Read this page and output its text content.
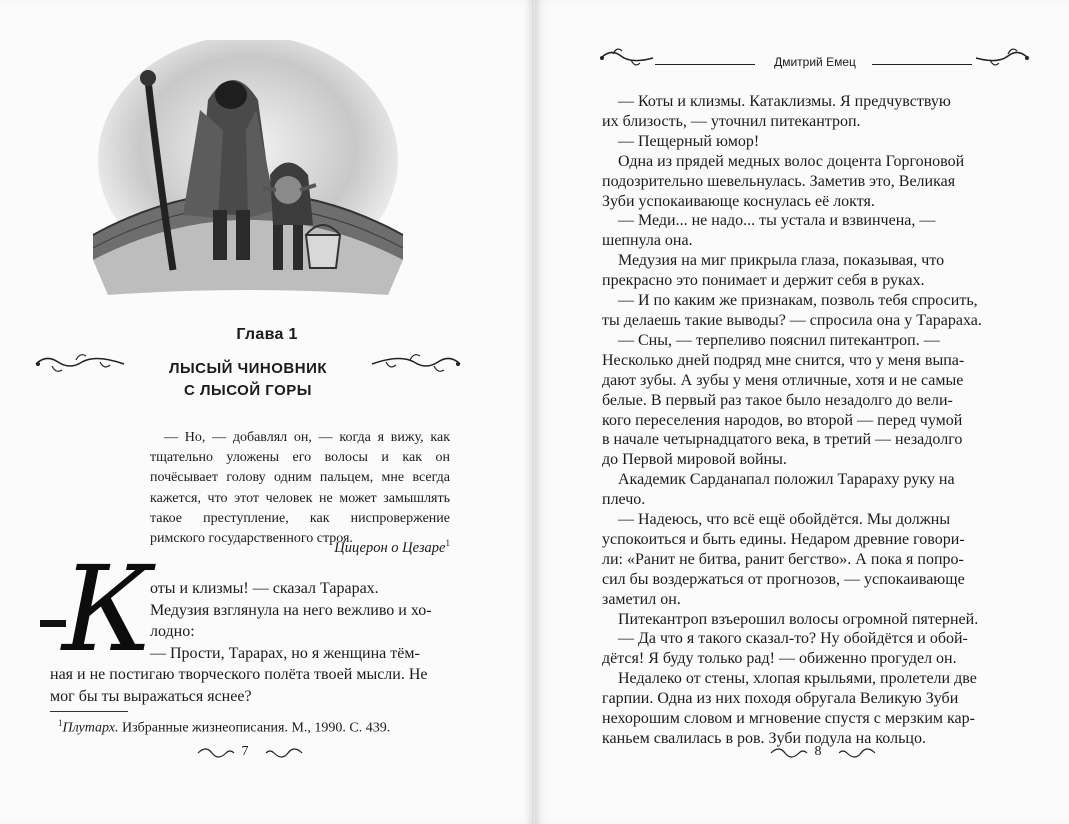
Глава 1
ЛЫСЫЙ ЧИНОВНИК
С ЛЫСОЙ ГОРЫ
— Но, — добавлял он, — когда я вижу, как тщательно уложены его волосы и как он почёсывает голову одним пальцем, мне всегда кажется, что этот человек не может замышлять такое преступление, как ниспровержение римского государственного строя.
Цицерон о Цезаре$^1$
К
оты и клизмы! — сказал Тарарах.
Медузия взглянула на него вежливо и хо-
лодно:
— Прости, Тарарах, но я женщина тём-
ная и не постигаю творческого полёта твоей мысли. Не
мог бы ты выражаться яснее?
$^1$Плутарх. Избранные жизнеописания. М., 1990. С. 439.
7
Дмитрий Емец
— Коты и клизмы. Катаклизмы. Я предчувствую
их близость, — уточнил питекантроп.
— Пещерный юмор!
Одна из прядей медных волос доцента Горгоновой
подозрительно шевельнулась. Заметив это, Великая
Зуби успокаивающе коснулась её локтя.
— Меди... не надо... ты устала и взвинчена, —
шепнула она.
Медузия на миг прикрыла глаза, показывая, что
прекрасно это понимает и держит себя в руках.
— И по каким же признакам, позволь тебя спросить,
ты делаешь такие выводы? — спросила она у Тарараха.
— Сны, — терпеливо пояснил питекантроп. —
Несколько дней подряд мне снится, что у меня выпа-
дают зубы. А зубы у меня отличные, хотя и не самые
белые. В первый раз такое было незадолго до вели-
кого переселения народов, во второй — перед чумой
в начале четырнадцатого века, в третий — незадолго
до Первой мировой войны.
Академик Сарданапал положил Тарараху руку на
плечо.
— Надеюсь, что всё ещё обойдётся. Мы должны
успокоиться и быть едины. Недаром древние говори-
ли: «Ранит не битва, ранит бегство». А пока я попро-
сил бы воздержаться от прогнозов, — успокаивающе
заметил он.
Питекантроп взъерошил волосы огромной пятерней.
— Да что я такого сказал-то? Ну обойдётся и обой-
дётся! Я буду только рад! — обиженно прогудел он.
Недалеко от стены, хлопая крыльями, пролетели две
гарпии. Одна из них походя обругала Великую Зуби
нехорошим словом и мгновение спустя с мерзким кар-
каньем свалилась в ров. Зуби подула на кольцо.
8
